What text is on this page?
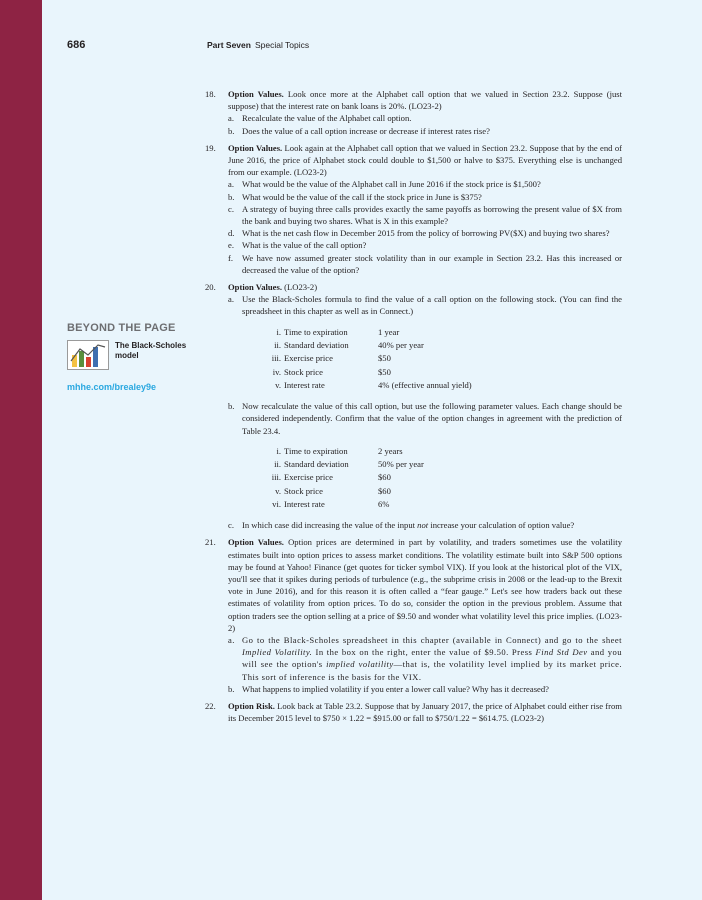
686	Part Seven Special Topics
BEYOND THE PAGE
The Black-Scholes
model
mhhe.com/brealey9e
18. Option Values. Look once more at the Alphabet call option that we valued in Section 23.2. Suppose (just suppose) that the interest rate on bank loans is 20%. (LO23-2)
a. Recalculate the value of the Alphabet call option.
b. Does the value of a call option increase or decrease if interest rates rise?
19. Option Values. Look again at the Alphabet call option that we valued in Section 23.2. Suppose that by the end of June 2016, the price of Alphabet stock could double to $1,500 or halve to $375. Everything else is unchanged from our example. (LO23-2)
a. What would be the value of the Alphabet call in June 2016 if the stock price is $1,500?
b. What would be the value of the call if the stock price in June is $375?
c. A strategy of buying three calls provides exactly the same payoffs as borrowing the present value of $X from the bank and buying two shares. What is X in this example?
d. What is the net cash flow in December 2015 from the policy of borrowing PV($X) and buying two shares?
e. What is the value of the call option?
f. We have now assumed greater stock volatility than in our example in Section 23.2. Has this increased or decreased the value of the option?
20. Option Values. (LO23-2)
a. Use the Black-Scholes formula to find the value of a call option on the following stock. (You can find the spreadsheet in this chapter as well as in Connect.)
i. Time to expiration	1 year
ii. Standard deviation	40% per year
iii. Exercise price	$50
iv. Stock price	$50
v. Interest rate	4% (effective annual yield)
b. Now recalculate the value of this call option, but use the following parameter values. Each change should be considered independently. Confirm that the value of the option changes in agreement with the prediction of Table 23.4.
i. Time to expiration	2 years
ii. Standard deviation	50% per year
iii. Exercise price	$60
v. Stock price	$60
vi. Interest rate	6%
c. In which case did increasing the value of the input not increase your calculation of option value?
21. Option Values. Option prices are determined in part by volatility, and traders sometimes use the volatility estimates built into option prices to assess market conditions. The volatility estimate built into S&P 500 options may be found at Yahoo! Finance (get quotes for ticker symbol VIX). If you look at the historical plot of the VIX, you'll see that it spikes during periods of turbulence (e.g., the subprime crisis in 2008 or the lead-up to the Brexit vote in June 2016), and for this reason it is often called a “fear gauge.” Let's see how traders back out these estimates of volatility from option prices. To do so, consider the option in the previous problem. Assume that option traders see the option selling at a price of $9.50 and wonder what volatility level this price implies. (LO23-2)
a. Go to the Black-Scholes spreadsheet in this chapter (available in Connect) and go to the sheet Implied Volatility. In the box on the right, enter the value of $9.50. Press Find Std Dev and you will see the option's implied volatility—that is, the volatility level implied by its market price. This sort of inference is the basis for the VIX.
b. What happens to implied volatility if you enter a lower call value? Why has it decreased?
22. Option Risk. Look back at Table 23.2. Suppose that by January 2017, the price of Alphabet could either rise from its December 2015 level to $750 × 1.22 = $915.00 or fall to $750/1.22 = $614.75. (LO23-2)
